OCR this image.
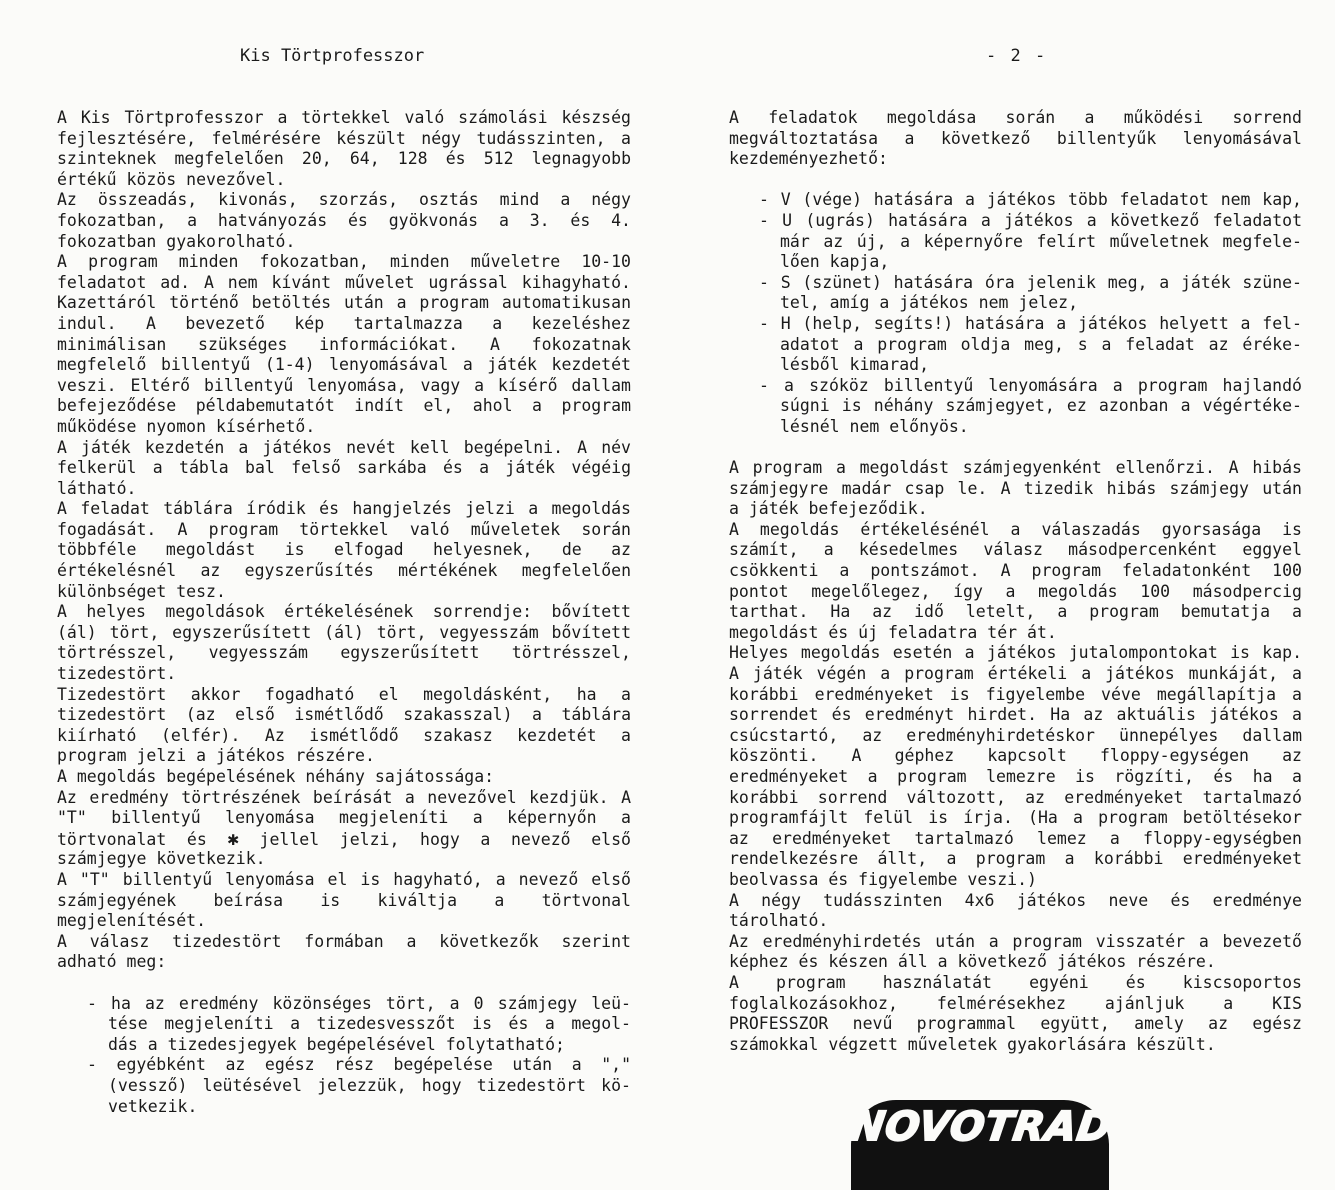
Kis Törtprofesszor	- 2 -
A Kis Törtprofesszor a törtekkel való számolási készség
fejlesztésére, felmérésére készült négy tudásszinten, a
szinteknek megfelelően 20, 64, 128 és 512 legnagyobb
értékű közös nevezővel.
Az összeadás, kivonás, szorzás, osztás mind a négy
fokozatban, a hatványozás és gyökvonás a 3. és 4.
fokozatban gyakorolható.
A program minden fokozatban, minden műveletre 10-10
feladatot ad. A nem kívánt művelet ugrással kihagyható.
Kazettáról történő betöltés után a program automatikusan
indul. A bevezető kép tartalmazza a kezeléshez
minimálisan szükséges információkat. A fokozatnak
megfelelő billentyű (1-4) lenyomásával a játék kezdetét
veszi. Eltérő billentyű lenyomása, vagy a kísérő dallam
befejeződése példabemutatót indít el, ahol a program
működése nyomon kísérhető.
A játék kezdetén a játékos nevét kell begépelni. A név
felkerül a tábla bal felső sarkába és a játék végéig
látható.
A feladat táblára íródik és hangjelzés jelzi a megoldás
fogadását. A program törtekkel való műveletek során
többféle megoldást is elfogad helyesnek, de az
értékelésnél az egyszerűsítés mértékének megfelelően
különbséget tesz.
A helyes megoldások értékelésének sorrendje: bővített
(ál) tört, egyszerűsített (ál) tört, vegyesszám bővített
törtrésszel, vegyesszám egyszerűsített törtrésszel,
tizedestört.
Tizedestört akkor fogadható el megoldásként, ha a
tizedestört (az első ismétlődő szakasszal) a táblára
kiírható (elfér). Az ismétlődő szakasz kezdetét a
program jelzi a játékos részére.
A megoldás begépelésének néhány sajátossága:
Az eredmény törtrészének beírását a nevezővel kezdjük. A
"T" billentyű lenyomása megjeleníti a képernyőn a
törtvonalat és ✱ jellel jelzi, hogy a nevező első
számjegye következik.
A "T" billentyű lenyomása el is hagyható, a nevező első
számjegyének beírása is kiváltja a törtvonal
megjelenítését.
A válasz tizedestört formában a következők szerint
adható meg:
- ha az eredmény közönséges tört, a 0 számjegy leü-
tése megjeleníti a tizedesvesszőt is és a megol-
dás a tizedesjegyek begépelésével folytatható;
- egyébként az egész rész begépelése után a ","
(vessző) leütésével jelezzük, hogy tizedestört kö-
vetkezik.
A feladatok megoldása során a működési sorrend
megváltoztatása a következő billentyűk lenyomásával
kezdeményezhető:
- V (vége) hatására a játékos több feladatot nem kap,
- U (ugrás) hatására a játékos a következő feladatot
már az új, a képernyőre felírt műveletnek megfele-
lően kapja,
- S (szünet) hatására óra jelenik meg, a játék szüne-
tel, amíg a játékos nem jelez,
- H (help, segíts!) hatására a játékos helyett a fel-
adatot a program oldja meg, s a feladat az éréke-
lésből kimarad,
- a szóköz billentyű lenyomására a program hajlandó
súgni is néhány számjegyet, ez azonban a végértéke-
lésnél nem előnyös.
A program a megoldást számjegyenként ellenőrzi. A hibás
számjegyre madár csap le. A tizedik hibás számjegy után
a játék befejeződik.
A megoldás értékelésénél a válaszadás gyorsasága is
számít, a késedelmes válasz másodpercenként eggyel
csökkenti a pontszámot. A program feladatonként 100
pontot megelőlegez, így a megoldás 100 másodpercig
tarthat. Ha az idő letelt, a program bemutatja a
megoldást és új feladatra tér át.
Helyes megoldás esetén a játékos jutalompontokat is kap.
A játék végén a program értékeli a játékos munkáját, a
korábbi eredményeket is figyelembe véve megállapítja a
sorrendet és eredményt hirdet. Ha az aktuális játékos a
csúcstartó, az eredményhirdetéskor ünnepélyes dallam
köszönti. A géphez kapcsolt floppy-egységen az
eredményeket a program lemezre is rögzíti, és ha a
korábbi sorrend változott, az eredményeket tartalmazó
programfájlt felül is írja. (Ha a program betöltésekor
az eredményeket tartalmazó lemez a floppy-egységben
rendelkezésre állt, a program a korábbi eredményeket
beolvassa és figyelembe veszi.)
A négy tudásszinten 4x6 játékos neve és eredménye
tárolható.
Az eredményhirdetés után a program visszatér a bevezető
képhez és készen áll a következő játékos részére.
A program használatát egyéni és kiscsoportos
foglalkozásokhoz, felmérésekhez ajánljuk a KIS
PROFESSZOR nevű programmal együtt, amely az egész
számokkal végzett műveletek gyakorlására készült.
NOVOTRADE
